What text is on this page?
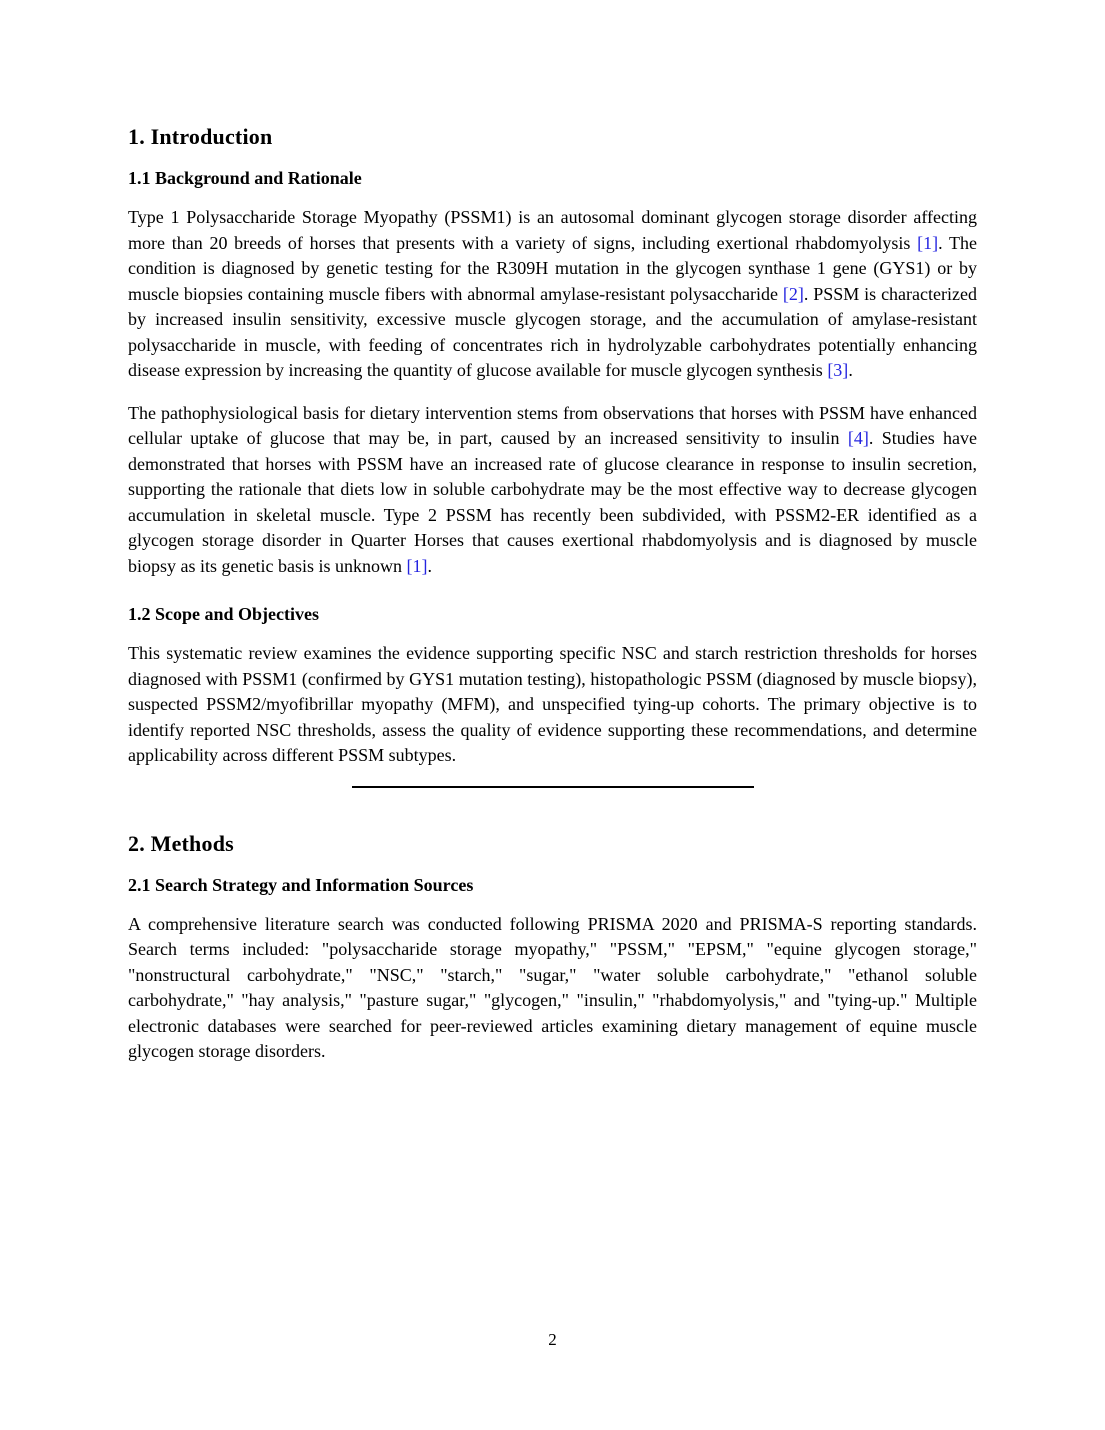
1. Introduction
1.1 Background and Rationale

Type 1 Polysaccharide Storage Myopathy (PSSM1) is an autosomal dominant glycogen storage disorder affecting more than 20 breeds of horses that presents with a variety of signs, including exertional rhabdomyolysis [1]. The condition is diagnosed by genetic testing for the R309H mutation in the glycogen synthase 1 gene (GYS1) or by muscle biopsies containing muscle fibers with abnormal amylase-resistant polysaccharide [2]. PSSM is characterized by increased insulin sensitivity, excessive muscle glycogen storage, and the accumulation of amylase-resistant polysaccharide in muscle, with feeding of concentrates rich in hydrolyzable carbohydrates potentially enhancing disease expression by increasing the quantity of glucose available for muscle glycogen synthesis [3].

The pathophysiological basis for dietary intervention stems from observations that horses with PSSM have enhanced cellular uptake of glucose that may be, in part, caused by an increased sensitivity to insulin [4]. Studies have demonstrated that horses with PSSM have an increased rate of glucose clearance in response to insulin secretion, supporting the rationale that diets low in soluble carbohydrate may be the most effective way to decrease glycogen accumulation in skeletal muscle. Type 2 PSSM has recently been subdivided, with PSSM2-ER identified as a glycogen storage disorder in Quarter Horses that causes exertional rhabdomyolysis and is diagnosed by muscle biopsy as its genetic basis is unknown [1].

1.2 Scope and Objectives

This systematic review examines the evidence supporting specific NSC and starch restriction thresholds for horses diagnosed with PSSM1 (confirmed by GYS1 mutation testing), histopathologic PSSM (diagnosed by muscle biopsy), suspected PSSM2/myofibrillar myopathy (MFM), and unspecified tying-up cohorts. The primary objective is to identify reported NSC thresholds, assess the quality of evidence supporting these recommendations, and determine applicability across different PSSM subtypes.

2. Methods
2.1 Search Strategy and Information Sources

A comprehensive literature search was conducted following PRISMA 2020 and PRISMA-S reporting standards. Search terms included: "polysaccharide storage myopathy," "PSSM," "EPSM," "equine glycogen storage," "nonstructural carbohydrate," "NSC," "starch," "sugar," "water soluble carbohydrate," "ethanol soluble carbohydrate," "hay analysis," "pasture sugar," "glycogen," "insulin," "rhabdomyolysis," and "tying-up." Multiple electronic databases were searched for peer-reviewed articles examining dietary management of equine muscle glycogen storage disorders.

2
